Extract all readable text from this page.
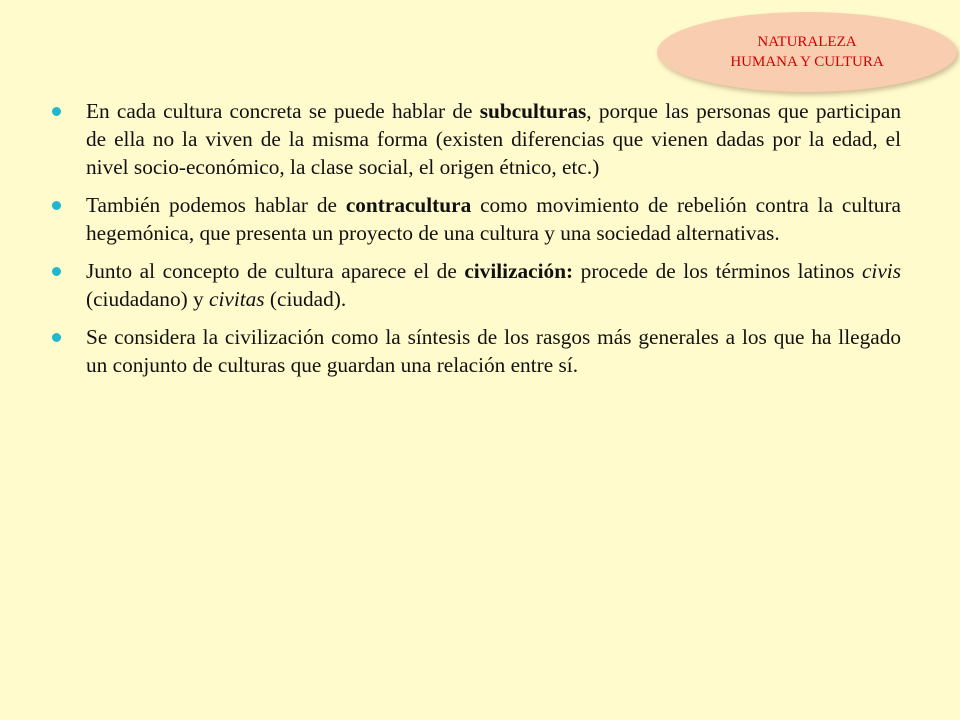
NATURALEZA
HUMANA Y CULTURA

En cada cultura concreta se puede hablar de subculturas, porque las personas que participan de ella no la viven de la misma forma (existen diferencias que vienen dadas por la edad, el nivel socio-económico, la clase social, el origen étnico, etc.)

También podemos hablar de contracultura como movimiento de rebelión contra la cultura hegemónica, que presenta un proyecto de una cultura y una sociedad alternativas.

Junto al concepto de cultura aparece el de civilización: procede de los términos latinos civis (ciudadano) y civitas (ciudad).

Se considera la civilización como la síntesis de los rasgos más generales a los que ha llegado un conjunto de culturas que guardan una relación entre sí.
